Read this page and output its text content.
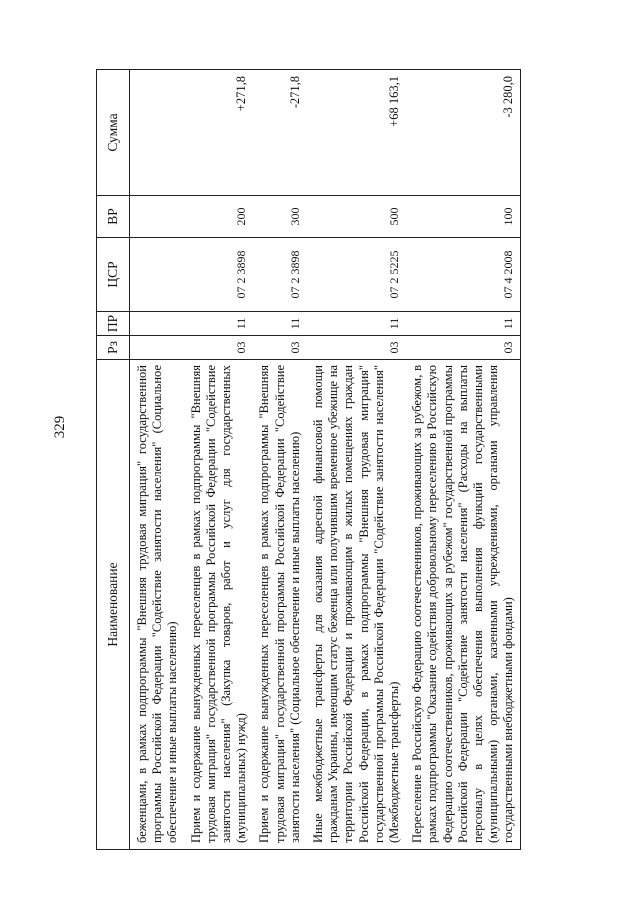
329
Наименование	Рз	ПР	ЦСР	ВР	Сумма
беженцами, в рамках подпрограммы "Внешняя трудовая миграция" государственной программы Российской Федерации "Содействие занятости населения" (Социальное обеспечение и иные выплаты населению)					
Прием и содержание вынужденных переселенцев в рамках подпрограммы "Внешняя трудовая миграция" государственной программы Российской Федерации "Содействие занятости населения" (Закупка товаров, работ и услуг для государственных (муниципальных) нужд)	03	11	07 2 3898	200	+271,8
Прием и содержание вынужденных переселенцев в рамках подпрограммы "Внешняя трудовая миграция" государственной программы Российской Федерации "Содействие занятости населения" (Социальное обеспечение и иные выплаты населению)	03	11	07 2 3898	300	-271,8
Иные межбюджетные трансферты для оказания адресной финансовой помощи гражданам Украины, имеющим статус беженца или получившим временное убежище на территории Российской Федерации и проживающим в жилых помещениях граждан Российской Федерации, в рамках подпрограммы "Внешняя трудовая миграция" государственной программы Российской Федерации "Содействие занятости населения" (Межбюджетные трансферты)	03	11	07 2 5225	500	+68 163,1
Переселение в Российскую Федерацию соотечественников, проживающих за рубежом, в рамках подпрограммы "Оказание содействия добровольному переселению в Российскую Федерацию соотечественников, проживающих за рубежом" государственной программы Российской Федерации "Содействие занятости населения" (Расходы на выплаты персоналу в целях обеспечения выполнения функций государственными (муниципальными) органами, казенными учреждениями, органами управления государственными внебюджетными фондами)	03	11	07 4 2008	100	-3 280,0
